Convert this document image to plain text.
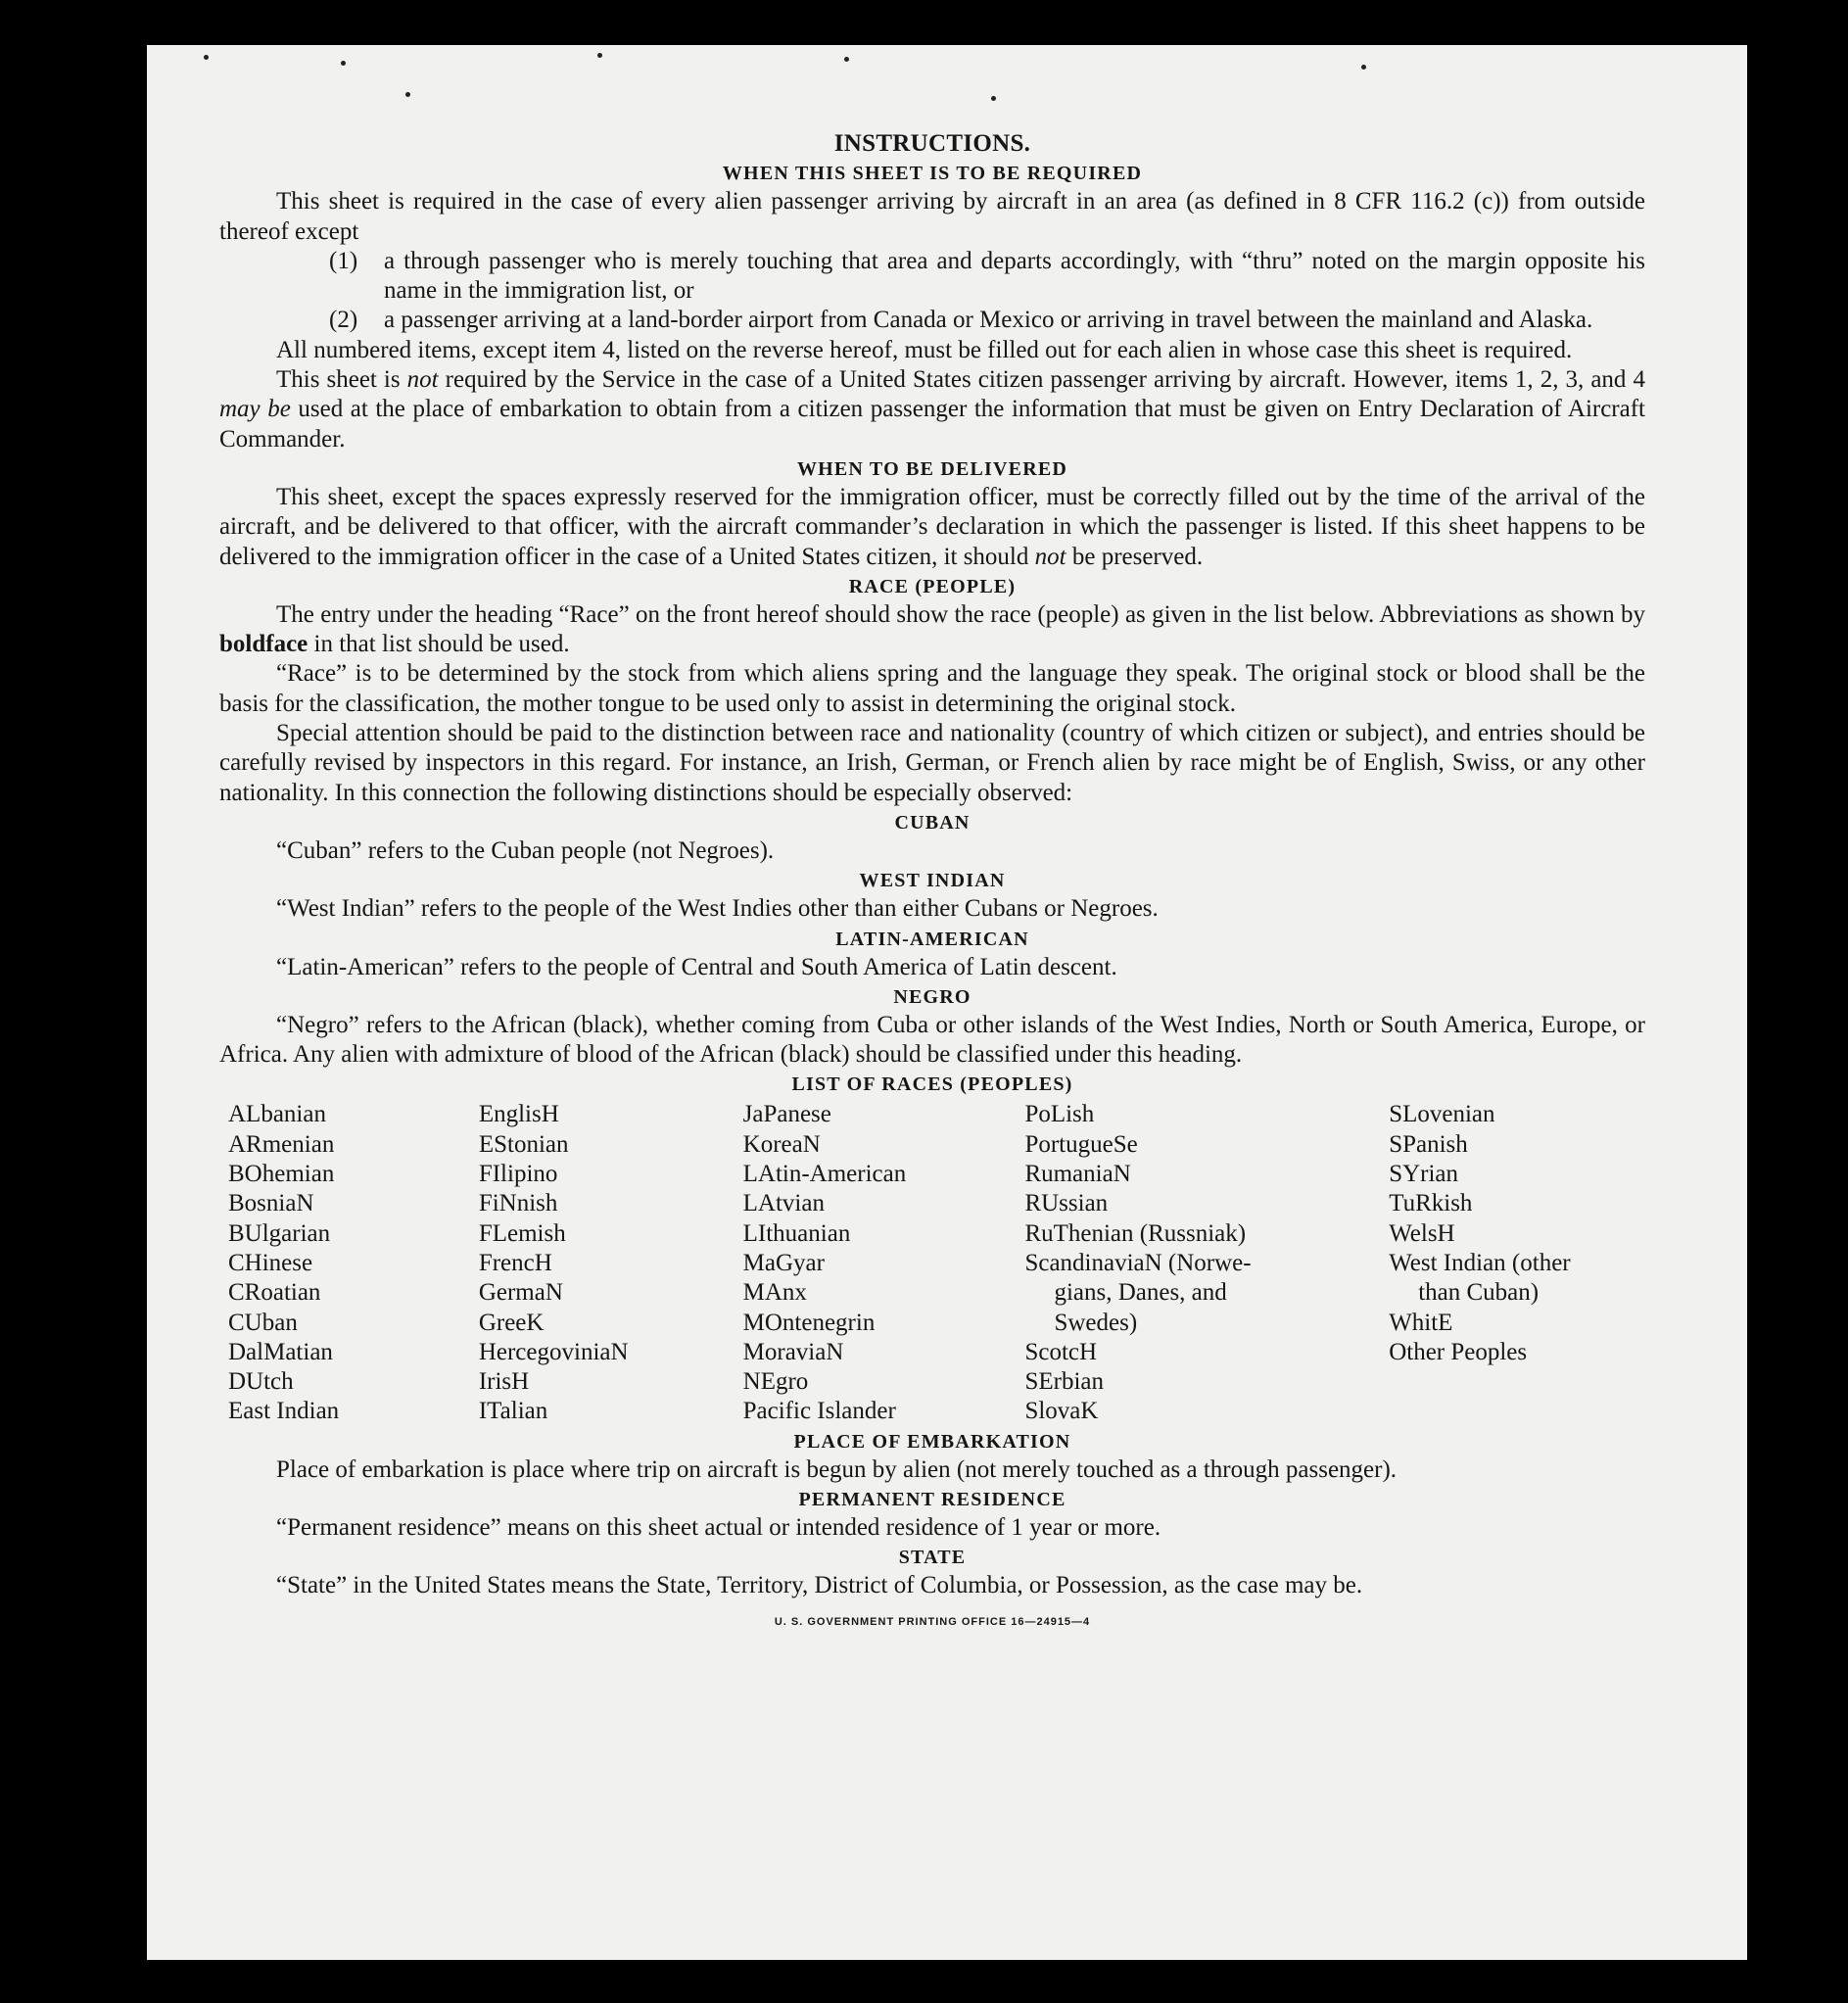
INSTRUCTIONS.
WHEN THIS SHEET IS TO BE REQUIRED

This sheet is required in the case of every alien passenger arriving by aircraft in an area (as defined in 8 CFR 116.2 (c)) from outside thereof except

(1)	a through passenger who is merely touching that area and departs accordingly, with “thru” noted on the margin opposite his name in the immigration list, or
(2)	a passenger arriving at a land-border airport from Canada or Mexico or arriving in travel between the mainland and Alaska.

All numbered items, except item 4, listed on the reverse hereof, must be filled out for each alien in whose case this sheet is required.

This sheet is not required by the Service in the case of a United States citizen passenger arriving by aircraft. However, items 1, 2, 3, and 4 may be used at the place of embarkation to obtain from a citizen passenger the information that must be given on Entry Declaration of Aircraft Commander.

WHEN TO BE DELIVERED

This sheet, except the spaces expressly reserved for the immigration officer, must be correctly filled out by the time of the arrival of the aircraft, and be delivered to that officer, with the aircraft commander’s declaration in which the passenger is listed. If this sheet happens to be delivered to the immigration officer in the case of a United States citizen, it should not be preserved.

RACE (PEOPLE)

The entry under the heading “Race” on the front hereof should show the race (people) as given in the list below. Abbreviations as shown by boldface in that list should be used.

“Race” is to be determined by the stock from which aliens spring and the language they speak. The original stock or blood shall be the basis for the classification, the mother tongue to be used only to assist in determining the original stock.

Special attention should be paid to the distinction between race and nationality (country of which citizen or subject), and entries should be carefully revised by inspectors in this regard. For instance, an Irish, German, or French alien by race might be of English, Swiss, or any other nationality. In this connection the following distinctions should be especially observed:

CUBAN

“Cuban” refers to the Cuban people (not Negroes).

WEST INDIAN

“West Indian” refers to the people of the West Indies other than either Cubans or Negroes.

LATIN-AMERICAN

“Latin-American” refers to the people of Central and South America of Latin descent.

NEGRO

“Negro” refers to the African (black), whether coming from Cuba or other islands of the West Indies, North or South America, Europe, or Africa. Any alien with admixture of blood of the African (black) should be classified under this heading.

LIST OF RACES (PEOPLES)
ALbanian
ARmenian
BOhemian
BosniaN
BUlgarian
CHinese
CRoatian
CUban
DalMatian
DUtch
East Indian
EnglisH
EStonian
FIlipino
FiNnish
FLemish
FrencH
GermaN
GreeK
HercegoviniaN
IrisH
ITalian
JaPanese
KoreaN
LAtin-American
LAtvian
LIthuanian
MaGyar
MAnx
MOntenegrin
MoraviaN
NEgro
Pacific Islander
PoLish
PortugueSe
RumaniaN
RUssian
RuThenian (Russniak)
ScandinaviaN (Norwe-
gians, Danes, and
Swedes)
ScotcH
SErbian
SlovaK
SLovenian
SPanish
SYrian
TuRkish
WelsH
West Indian (other
than Cuban)
WhitE
Other Peoples
PLACE OF EMBARKATION

Place of embarkation is place where trip on aircraft is begun by alien (not merely touched as a through passenger).

PERMANENT RESIDENCE

“Permanent residence” means on this sheet actual or intended residence of 1 year or more.

STATE

“State” in the United States means the State, Territory, District of Columbia, or Possession, as the case may be.

U. S. GOVERNMENT PRINTING OFFICE 16—24915—4
